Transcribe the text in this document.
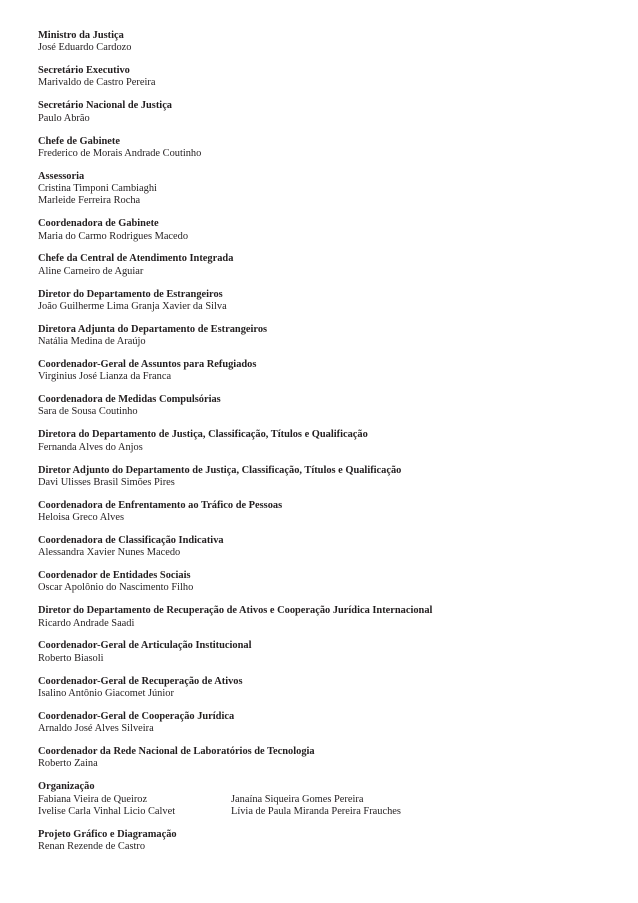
Ministro da Justiça
José Eduardo Cardozo
Secretário Executivo
Marivaldo de Castro Pereira
Secretário Nacional de Justiça
Paulo Abrão
Chefe de Gabinete
Frederico de Morais Andrade Coutinho
Assessoria
Cristina Timponi Cambiaghi
Marleide Ferreira Rocha
Coordenadora de Gabinete
Maria do Carmo Rodrigues Macedo
Chefe da Central de Atendimento Integrada
Aline Carneiro de Aguiar
Diretor do Departamento de Estrangeiros
João Guilherme Lima Granja Xavier da Silva
Diretora Adjunta do Departamento de Estrangeiros
Natália Medina de Araújo
Coordenador-Geral de Assuntos para Refugiados
Virginius José Lianza da Franca
Coordenadora de Medidas Compulsórias
Sara de Sousa Coutinho
Diretora do Departamento de Justiça, Classificação, Títulos e Qualificação
Fernanda Alves do Anjos
Diretor Adjunto do Departamento de Justiça, Classificação, Títulos e Qualificação
Davi Ulisses Brasil Simões Pires
Coordenadora de Enfrentamento ao Tráfico de Pessoas
Heloisa Greco Alves
Coordenadora de Classificação Indicativa
Alessandra Xavier Nunes Macedo
Coordenador de Entidades Sociais
Oscar Apolônio do Nascimento Filho
Diretor do Departamento de Recuperação de Ativos e Cooperação Jurídica Internacional
Ricardo Andrade Saadi
Coordenador-Geral de Articulação Institucional
Roberto Biasoli
Coordenador-Geral de Recuperação de Ativos
Isalino Antônio Giacomet Júnior
Coordenador-Geral de Cooperação Jurídica
Arnaldo José Alves Silveira
Coordenador da Rede Nacional de Laboratórios de Tecnologia
Roberto Zaina
Organização
Fabiana Vieira de Queiroz	Janaína Siqueira Gomes Pereira
Ivelise Carla Vinhal Licio Calvet	Lívia de Paula Miranda Pereira Frauches
Projeto Gráfico e Diagramação
Renan Rezende de Castro
